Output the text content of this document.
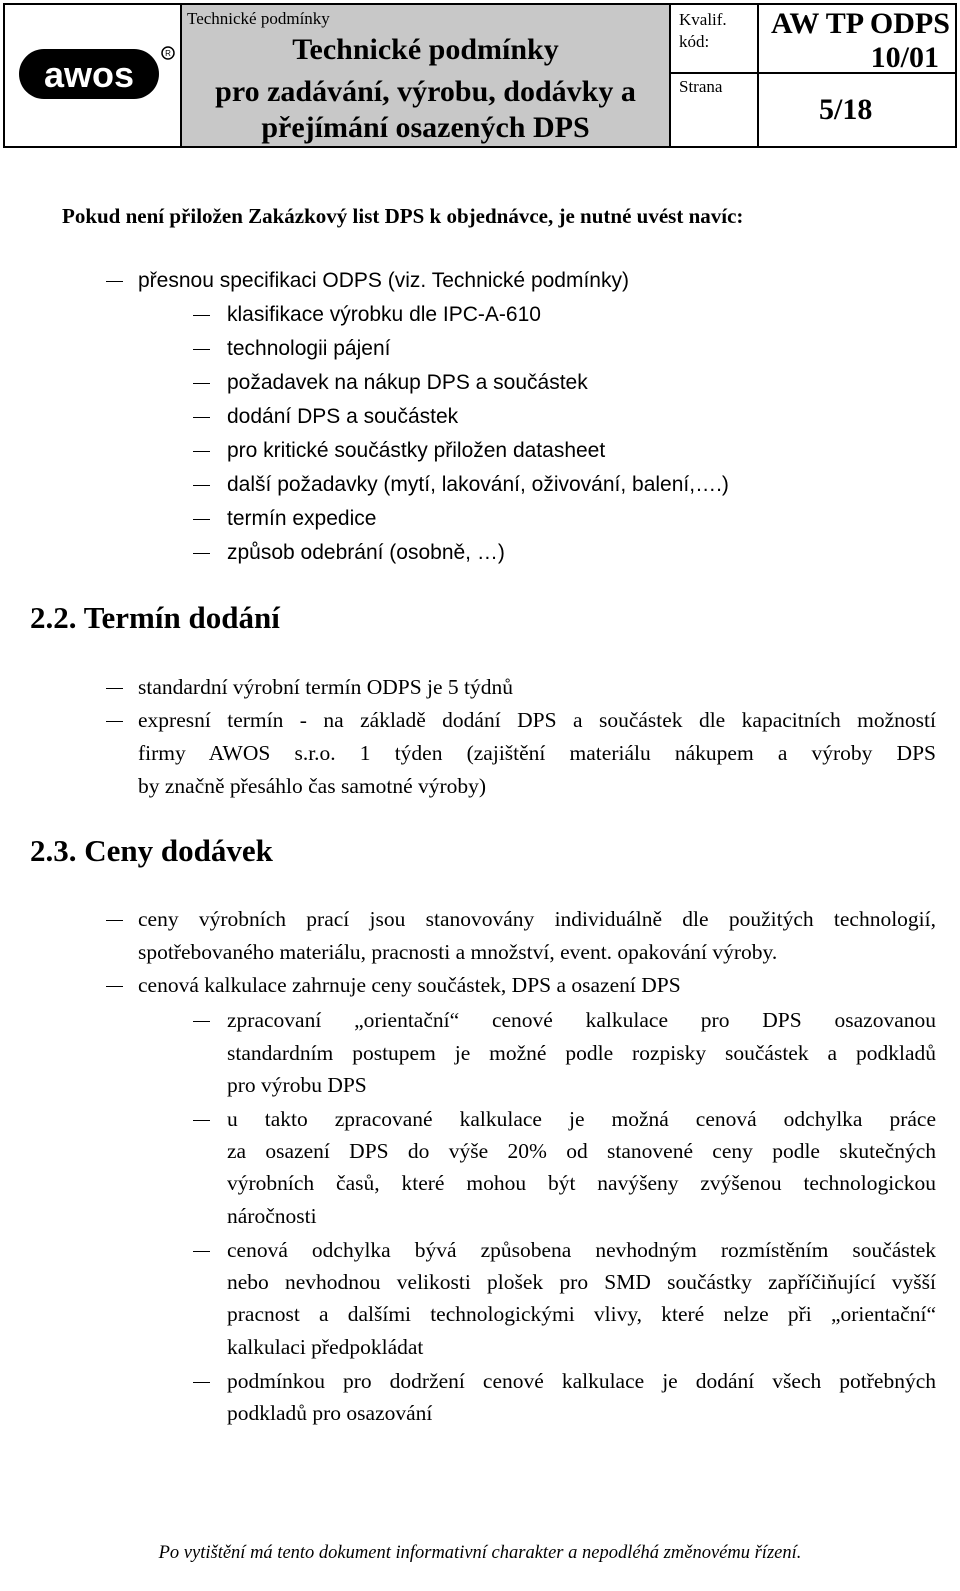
awos
R
Technické podmínky
Technické podmínky
pro zadávání, výrobu, dodávky a
přejímání osazených DPS
Kvalif.
kód:
Strana
AW TP ODPS
10/01
5/18
Pokud není přiložen Zakázkový list DPS k objednávce, je nutné uvést navíc:
přesnou specifikaci ODPS (viz. Technické podmínky)
klasifikace výrobku dle IPC-A-610
technologii pájení
požadavek na nákup DPS a součástek
dodání DPS a součástek
pro kritické součástky přiložen datasheet
další požadavky (mytí, lakování, oživování, balení,….)
termín expedice
způsob odebrání (osobně, …)
2.2. Termín dodání
standardní výrobní termín ODPS je 5 týdnů
expresní termín - na základě dodání DPS a součástek dle kapacitních možností
firmy AWOS s.r.o. 1 týden (zajištění materiálu nákupem a výroby DPS
by značně přesáhlo čas samotné výroby)
2.3. Ceny dodávek
ceny výrobních prací jsou stanovovány individuálně dle použitých technologií,
spotřebovaného materiálu, pracnosti a množství, event. opakování výroby.
cenová kalkulace zahrnuje ceny součástek, DPS a osazení DPS
zpracovaní „orientační“ cenové kalkulace pro DPS osazovanou
standardním postupem je možné podle rozpisky součástek a podkladů
pro výrobu DPS
u takto zpracované kalkulace je možná cenová odchylka práce
za osazení DPS do výše 20% od stanovené ceny podle skutečných
výrobních časů, které mohou být navýšeny zvýšenou technologickou
náročnosti
cenová odchylka bývá způsobena nevhodným rozmístěním součástek
nebo nevhodnou velikosti plošek pro SMD součástky zapříčiňující vyšší
pracnost a dalšími technologickými vlivy, které nelze při „orientační“
kalkulaci předpokládat
podmínkou pro dodržení cenové kalkulace je dodání všech potřebných
podkladů pro osazování
Po vytištění má tento dokument informativní charakter a nepodléhá změnovému řízení.
